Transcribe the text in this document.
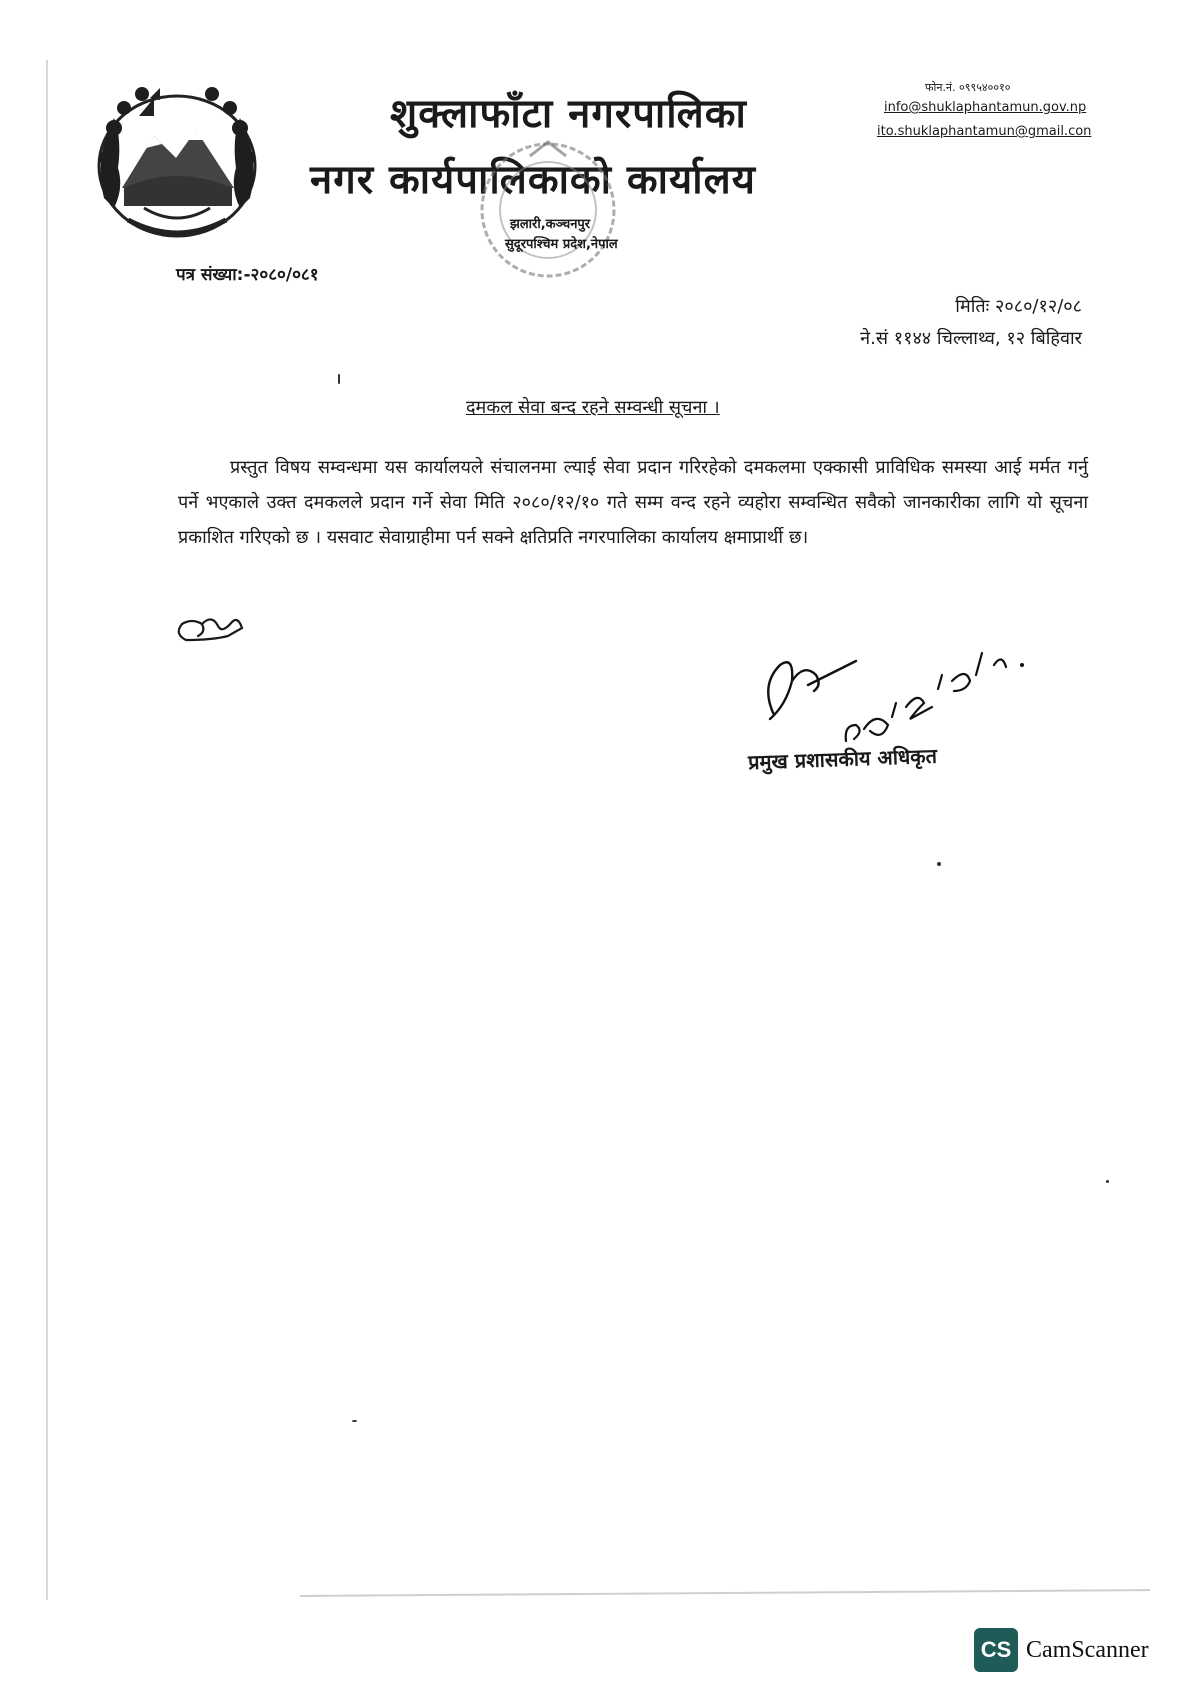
शुक्लाफाँटा नगरपालिका
नगर कार्यपालिकाको कार्यालय
झलारी,कञ्चनपुर
सुदूरपश्चिम प्रदेश,नेपाल
फोन.नं. ०९९५४००१०
info@shuklaphantamun.gov.np
ito.shuklaphantamun@gmail.con
पत्र संख्या:-२०८०/०८१
मितिः २०८०/१२/०८
ने.सं ११४४ चिल्लाथ्व, १२ बिहिवार
दमकल सेवा बन्द रहने सम्वन्धी सूचना ।
प्रस्तुत विषय सम्वन्धमा यस कार्यालयले संचालनमा ल्याई सेवा प्रदान गरिरहेको दमकलमा एक्कासी प्राविधिक समस्या आई मर्मत गर्नु पर्ने भएकाले उक्त दमकलले प्रदान गर्ने सेवा मिति २०८०/१२/१० गते सम्म वन्द रहने व्यहोरा सम्वन्धित सवैको जानकारीका लागि यो सूचना प्रकाशित गरिएको छ । यसवाट सेवाग्राहीमा पर्न सक्ने क्षतिप्रति नगरपालिका कार्यालय क्षमाप्रार्थी छ।
प्रमुख प्रशासकीय अधिकृत
CS CamScanner
